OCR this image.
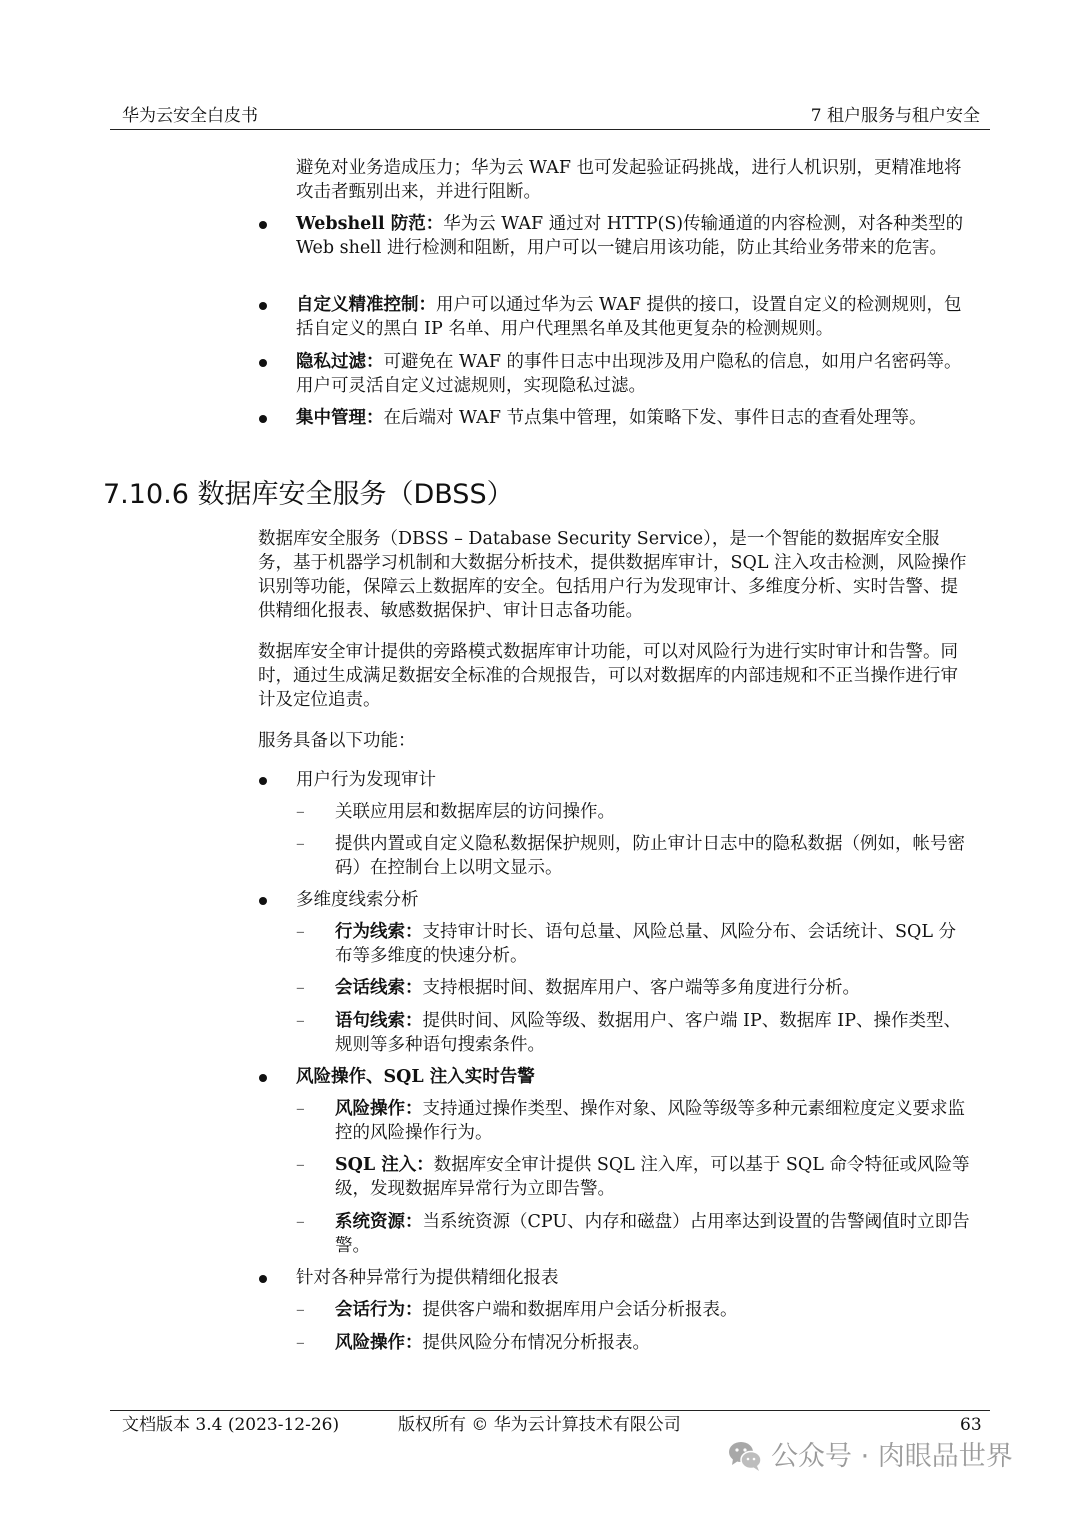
华为云安全白皮书	7 租户服务与租户安全

避免对业务造成压力；华为云 WAF 也可发起验证码挑战，进行人机识别，更精准地将攻击者甄别出来，并进行阻断。

Webshell 防范：华为云 WAF 通过对 HTTP(S)传输通道的内容检测，对各种类型的 Web shell 进行检测和阻断，用户可以一键启用该功能，防止其给业务带来的危害。
自定义精准控制：用户可以通过华为云 WAF 提供的接口，设置自定义的检测规则，包括自定义的黑白 IP 名单、用户代理黑名单及其他更复杂的检测规则。
隐私过滤：可避免在 WAF 的事件日志中出现涉及用户隐私的信息，如用户名密码等。用户可灵活自定义过滤规则，实现隐私过滤。
集中管理：在后端对 WAF 节点集中管理，如策略下发、事件日志的查看处理等。
7.10.6 数据库安全服务（DBSS）

数据库安全服务（DBSS – Database Security Service），是一个智能的数据库安全服务，基于机器学习机制和大数据分析技术，提供数据库审计，SQL 注入攻击检测，风险操作识别等功能，保障云上数据库的安全。包括用户行为发现审计、多维度分析、实时告警、提供精细化报表、敏感数据保护、审计日志备功能。

数据库安全审计提供的旁路模式数据库审计功能，可以对风险行为进行实时审计和告警。同时，通过生成满足数据安全标准的合规报告，可以对数据库的内部违规和不正当操作进行审计及定位追责。

服务具备以下功能：

用户行为发现审计
–	关联应用层和数据库层的访问操作。
–	提供内置或自定义隐私数据保护规则，防止审计日志中的隐私数据（例如，帐号密码）在控制台上以明文显示。
多维度线索分析
–	行为线索：支持审计时长、语句总量、风险总量、风险分布、会话统计、SQL 分布等多维度的快速分析。
–	会话线索：支持根据时间、数据库用户、客户端等多角度进行分析。
–	语句线索：提供时间、风险等级、数据用户、客户端 IP、数据库 IP、操作类型、规则等多种语句搜索条件。
风险操作、SQL 注入实时告警
–	风险操作：支持通过操作类型、操作对象、风险等级等多种元素细粒度定义要求监控的风险操作行为。
–	SQL 注入：数据库安全审计提供 SQL 注入库，可以基于 SQL 命令特征或风险等级，发现数据库异常行为立即告警。
–	系统资源：当系统资源（CPU、内存和磁盘）占用率达到设置的告警阈值时立即告警。
针对各种异常行为提供精细化报表
–	会话行为：提供客户端和数据库用户会话分析报表。
–	风险操作：提供风险分布情况分析报表。
文档版本 3.4 (2023-12-26)	版权所有 © 华为云计算技术有限公司	63
公众号 · 肉眼品世界
